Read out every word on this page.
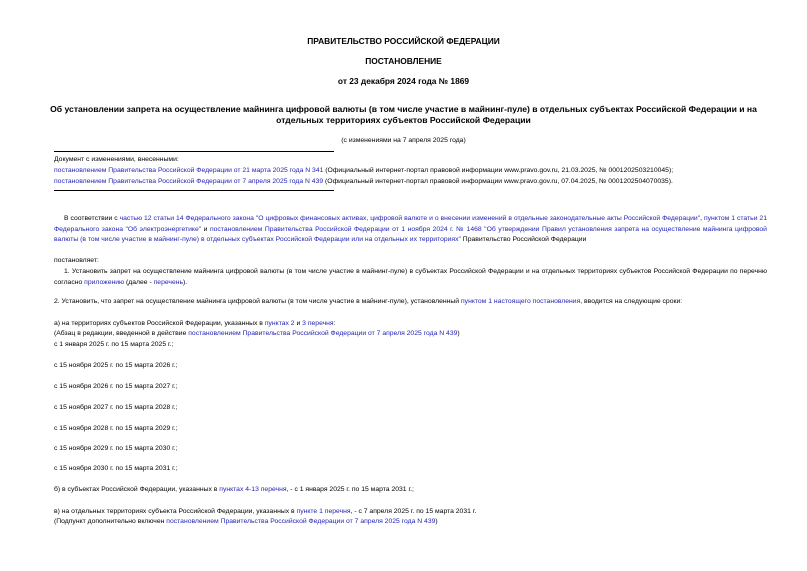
ПРАВИТЕЛЬСТВО РОССИЙСКОЙ ФЕДЕРАЦИИ
ПОСТАНОВЛЕНИЕ
от 23 декабря 2024 года № 1869
Об установлении запрета на осуществление майнинга цифровой валюты (в том числе участие в майнинг-пуле) в отдельных субъектах Российской Федерации и на отдельных территориях субъектов Российской Федерации
(с изменениями на 7 апреля 2025 года)
Документ с изменениями, внесенными:
постановлением Правительства Российской Федерации от 21 марта 2025 года N 341 (Официальный интернет-портал правовой информации www.pravo.gov.ru, 21.03.2025, № 0001202503210045);
постановлением Правительства Российской Федерации от 7 апреля 2025 года N 439 (Официальный интернет-портал правовой информации www.pravo.gov.ru, 07.04.2025, № 0001202504070035).
В соответствии с частью 12 статьи 14 Федерального закона "О цифровых финансовых активах, цифровой валюте и о внесении изменений в отдельные законодательные акты Российской Федерации", пунктом 1 статьи 21 Федерального закона "Об электроэнергетике" и постановлением Правительства Российской Федерации от 1 ноября 2024 г. № 1468 "Об утверждении Правил установления запрета на осуществление майнинга цифровой валюты (в том числе участие в майнинг-пуле) в отдельных субъектах Российской Федерации или на отдельных их территориях" Правительство Российской Федерации
постановляет:
1. Установить запрет на осуществление майнинга цифровой валюты (в том числе участие в майнинг-пуле) в субъектах Российской Федерации и на отдельных территориях субъектов Российской Федерации по перечню согласно приложению (далее - перечень).
2. Установить, что запрет на осуществление майнинга цифровой валюты (в том числе участие в майнинг-пуле), установленный пунктом 1 настоящего постановления, вводится на следующие сроки:
а) на территориях субъектов Российской Федерации, указанных в пунктах 2 и 3 перечня:
(Абзац в редакции, введенной в действие постановлением Правительства Российской Федерации от 7 апреля 2025 года N 439)
с 1 января 2025 г. по 15 марта 2025 г.;
с 15 ноября 2025 г. по 15 марта 2026 г.;
с 15 ноября 2026 г. по 15 марта 2027 г.;
с 15 ноября 2027 г. по 15 марта 2028 г.;
с 15 ноября 2028 г. по 15 марта 2029 г.;
с 15 ноября 2029 г. по 15 марта 2030 г.;
с 15 ноября 2030 г. по 15 марта 2031 г.;
б) в субъектах Российской Федерации, указанных в пунктах 4-13 перечня, - с 1 января 2025 г. по 15 марта 2031 г.;
в) на отдельных территориях субъекта Российской Федерации, указанных в пункте 1 перечня, - с 7 апреля 2025 г. по 15 марта 2031 г.
(Подпункт дополнительно включен постановлением Правительства Российской Федерации от 7 апреля 2025 года N 439)
